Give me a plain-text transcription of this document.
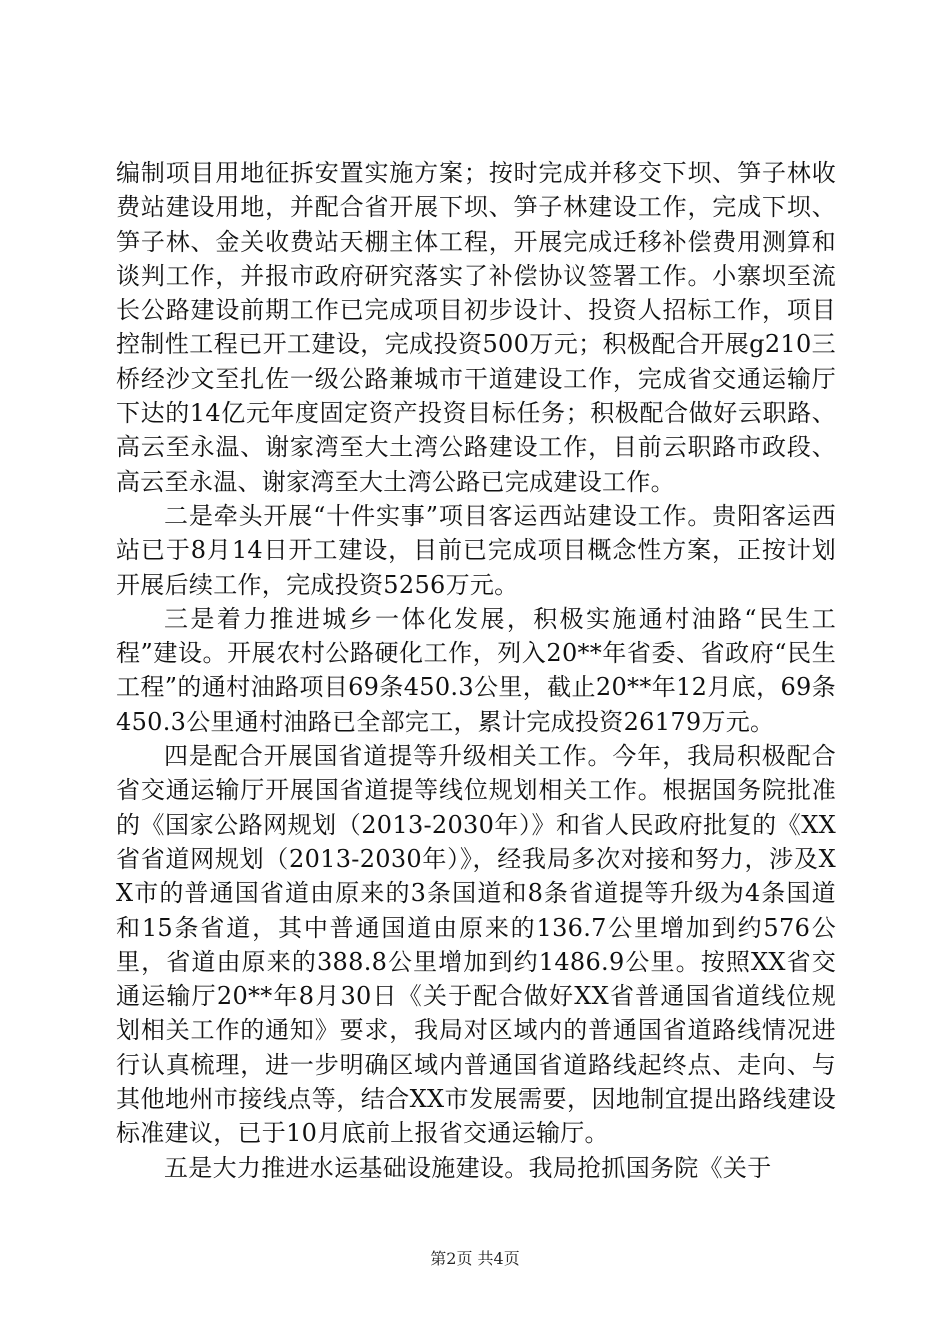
编制项目用地征拆安置实施方案；按时完成并移交下坝、笋子林收费站建设用地，并配合省开展下坝、笋子林建设工作，完成下坝、笋子林、金关收费站天棚主体工程，开展完成迁移补偿费用测算和谈判工作，并报市政府研究落实了补偿协议签署工作。小寨坝至流长公路建设前期工作已完成项目初步设计、投资人招标工作，项目控制性工程已开工建设，完成投资500万元；积极配合开展g210三桥经沙文至扎佐一级公路兼城市干道建设工作，完成省交通运输厅下达的14亿元年度固定资产投资目标任务；积极配合做好云职路、高云至永温、谢家湾至大土湾公路建设工作，目前云职路市政段、高云至永温、谢家湾至大土湾公路已完成建设工作。

二是牵头开展“十件实事”项目客运西站建设工作。贵阳客运西站已于8月14日开工建设，目前已完成项目概念性方案，正按计划开展后续工作，完成投资5256万元。

三是着力推进城乡一体化发展，积极实施通村油路“民生工程”建设。开展农村公路硬化工作，列入20**年省委、省政府“民生工程”的通村油路项目69条450.3公里，截止20**年12月底，69条450.3公里通村油路已全部完工，累计完成投资26179万元。

四是配合开展国省道提等升级相关工作。今年，我局积极配合省交通运输厅开展国省道提等线位规划相关工作。根据国务院批准的《国家公路网规划（2013-2030年）》和省人民政府批复的《XX省省道网规划（2013-2030年）》，经我局多次对接和努力，涉及XX市的普通国省道由原来的3条国道和8条省道提等升级为4条国道和15条省道，其中普通国道由原来的136.7公里增加到约576公里，省道由原来的388.8公里增加到约1486.9公里。按照XX省交通运输厅20**年8月30日《关于配合做好XX省普通国省道线位规划相关工作的通知》要求，我局对区域内的普通国省道路线情况进行认真梳理，进一步明确区域内普通国省道路线起终点、走向、与其他地州市接线点等，结合XX市发展需要，因地制宜提出路线建设标准建议，已于10月底前上报省交通运输厅。

五是大力推进水运基础设施建设。我局抢抓国务院《关于

第2页 共4页
